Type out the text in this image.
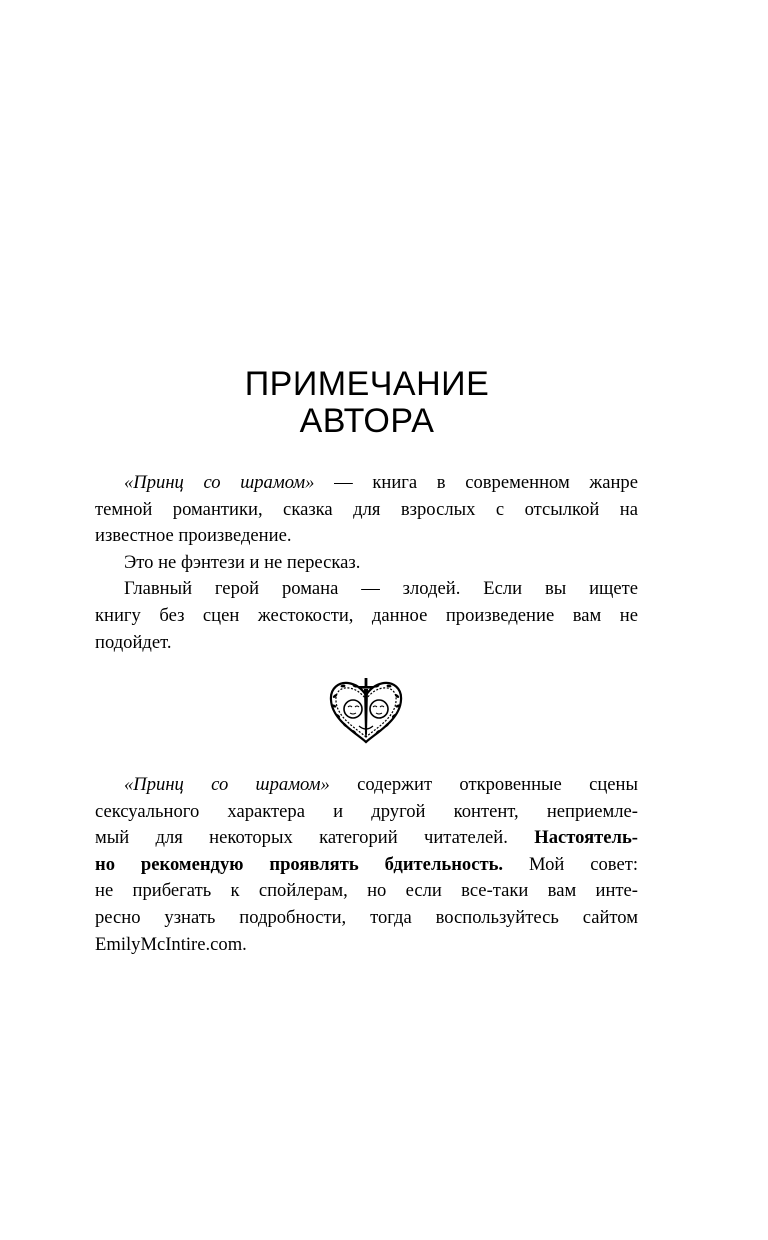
ПРИМЕЧАНИЕ
АВТОРА

«Принц со шрамом» — книга в современном жанре
темной романтики, сказка для взрослых с отсылкой на
известное произведение.

Это не фэнтези и не пересказ.

Главный герой романа — злодей. Если вы ищете
книгу без сцен жестокости, данное произведение вам не
подойдет.

«Принц со шрамом» содержит откровенные сцены
сексуального характера и другой контент, неприемле-
мый для некоторых категорий читателей. Настоятель-
но рекомендую проявлять бдительность. Мой совет:
не прибегать к спойлерам, но если все-таки вам инте-
ресно узнать подробности, тогда воспользуйтесь сайтом
EmilyMcIntire.com.
